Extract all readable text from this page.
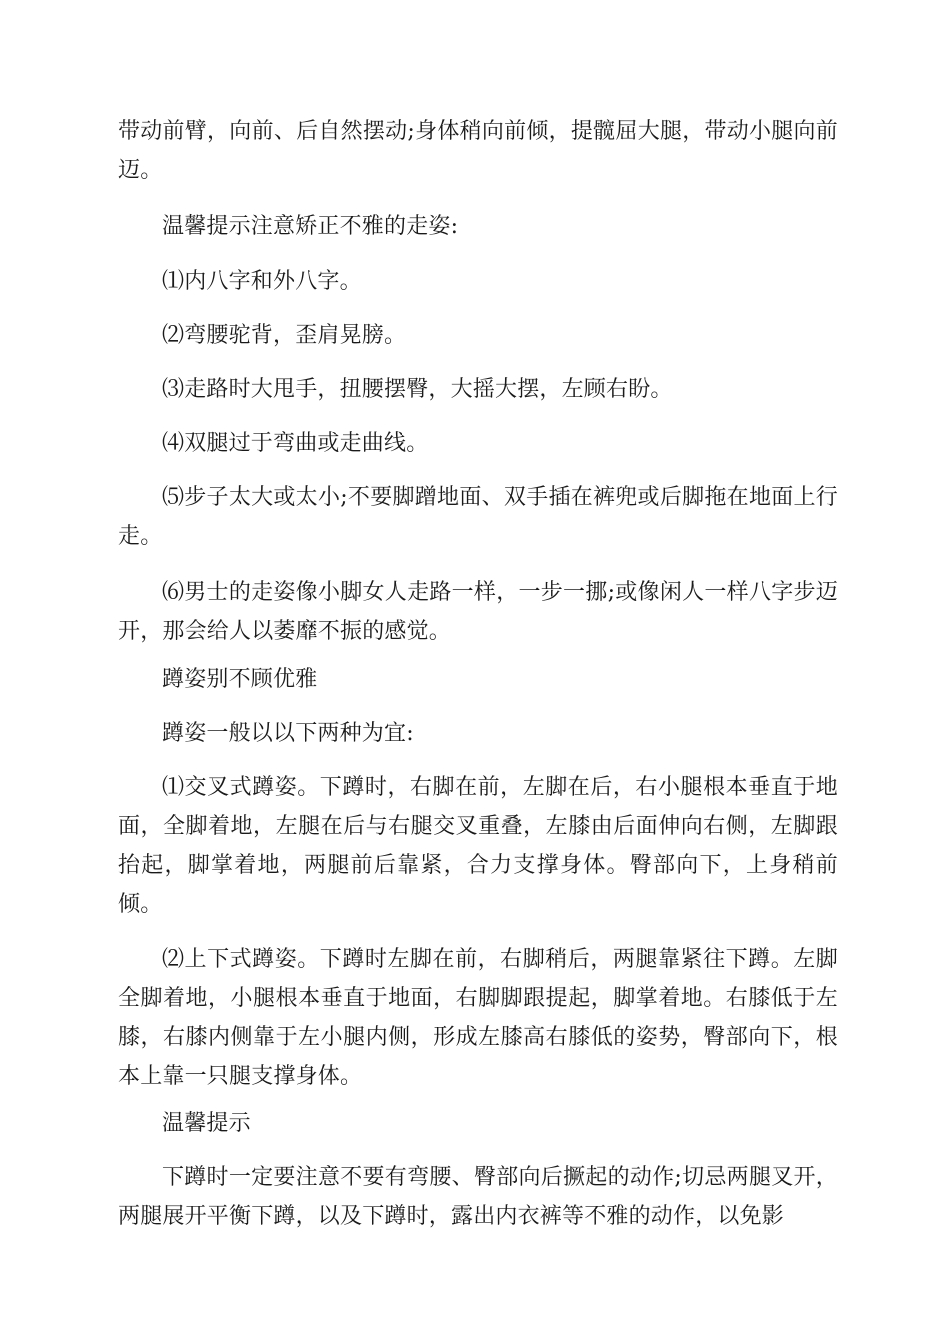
带动前臂，向前、后自然摆动;身体稍向前倾，提髋屈大腿，带动小腿向前迈。

温馨提示注意矫正不雅的走姿:

⑴内八字和外八字。

⑵弯腰驼背，歪肩晃膀。

⑶走路时大甩手，扭腰摆臀，大摇大摆，左顾右盼。

⑷双腿过于弯曲或走曲线。

⑸步子太大或太小;不要脚蹭地面、双手插在裤兜或后脚拖在地面上行走。

⑹男士的走姿像小脚女人走路一样，一步一挪;或像闲人一样八字步迈开，那会给人以萎靡不振的感觉。

蹲姿别不顾优雅

蹲姿一般以以下两种为宜:

⑴交叉式蹲姿。下蹲时，右脚在前，左脚在后，右小腿根本垂直于地面，全脚着地，左腿在后与右腿交叉重叠，左膝由后面伸向右侧，左脚跟抬起，脚掌着地，两腿前后靠紧，合力支撑身体。臀部向下，上身稍前倾。

⑵上下式蹲姿。下蹲时左脚在前，右脚稍后，两腿靠紧往下蹲。左脚全脚着地，小腿根本垂直于地面，右脚脚跟提起，脚掌着地。右膝低于左膝，右膝内侧靠于左小腿内侧，形成左膝高右膝低的姿势，臀部向下，根本上靠一只腿支撑身体。

温馨提示

下蹲时一定要注意不要有弯腰、臀部向后撅起的动作;切忌两腿叉开，两腿展开平衡下蹲，以及下蹲时，露出内衣裤等不雅的动作，以免影
